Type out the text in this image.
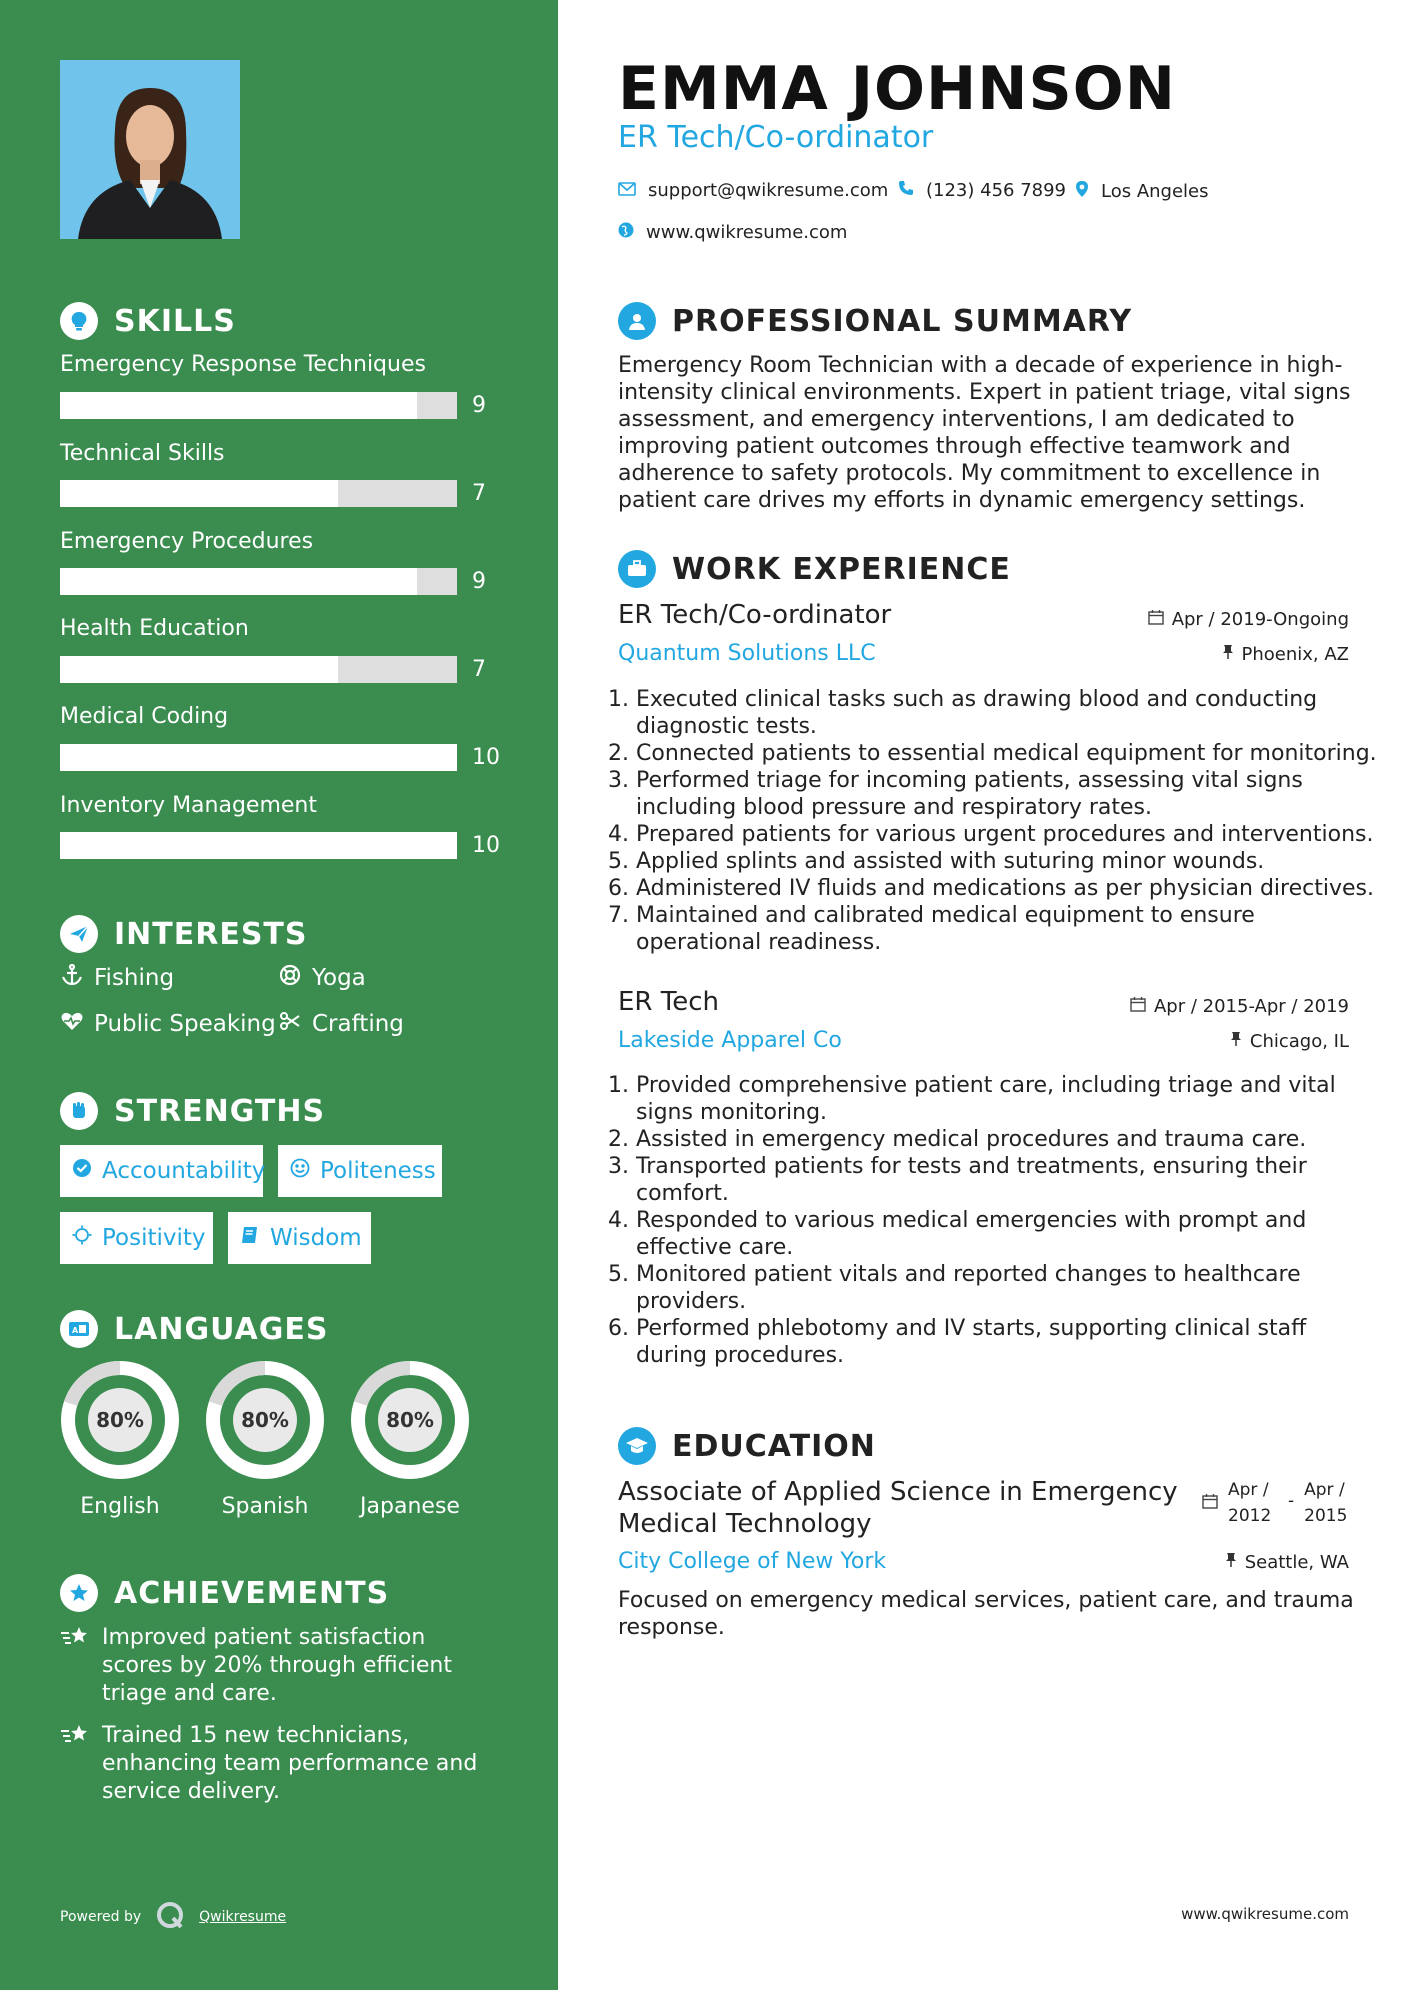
SKILLS
Emergency Response Techniques
9
Technical Skills
7
Emergency Procedures
9
Health Education
7
Medical Coding
10
Inventory Management
10
INTERESTS
Fishing	Yoga
Public Speaking Crafting
STRENGTHS
Accountability Politeness
Positivity	Wisdom
A LANGUAGES
80%
English
80%
Spanish
80%
Japanese
ACHIEVEMENTS
Improved patient satisfaction scores by 20% through efficient triage and care.
Trained 15 new technicians, enhancing team performance and service delivery.
Powered by	Qwikresume
EMMA JOHNSON
ER Tech/Co-ordinator
support@qwikresume.com (123) 456 7899 Los Angeles
www.qwikresume.com
PROFESSIONAL SUMMARY
Emergency Room Technician with a decade of experience in high-intensity clinical environments. Expert in patient triage, vital signs assessment, and emergency interventions, I am dedicated to improving patient outcomes through effective teamwork and adherence to safety protocols. My commitment to excellence in patient care drives my efforts in dynamic emergency settings.
WORK EXPERIENCE
ER Tech/Co-ordinator	Apr / 2019-Ongoing
Quantum Solutions LLC	Phoenix, AZ
1. Executed clinical tasks such as drawing blood and conducting diagnostic tests.
2. Connected patients to essential medical equipment for monitoring.
3. Performed triage for incoming patients, assessing vital signs including blood pressure and respiratory rates.
4. Prepared patients for various urgent procedures and interventions.
5. Applied splints and assisted with suturing minor wounds.
6. Administered IV fluids and medications as per physician directives.
7. Maintained and calibrated medical equipment to ensure operational readiness.
ER Tech	Apr / 2015-Apr / 2019
Lakeside Apparel Co	Chicago, IL
1. Provided comprehensive patient care, including triage and vital signs monitoring.
2. Assisted in emergency medical procedures and trauma care.
3. Transported patients for tests and treatments, ensuring their comfort.
4. Responded to various medical emergencies with prompt and effective care.
5. Monitored patient vitals and reported changes to healthcare providers.
6. Performed phlebotomy and IV starts, supporting clinical staff during procedures.
EDUCATION
Associate of Applied Science in Emergency Medical Technology
Apr / 2012
-
Apr / 2015
City College of New York	Seattle, WA
Focused on emergency medical services, patient care, and trauma response.
www.qwikresume.com
